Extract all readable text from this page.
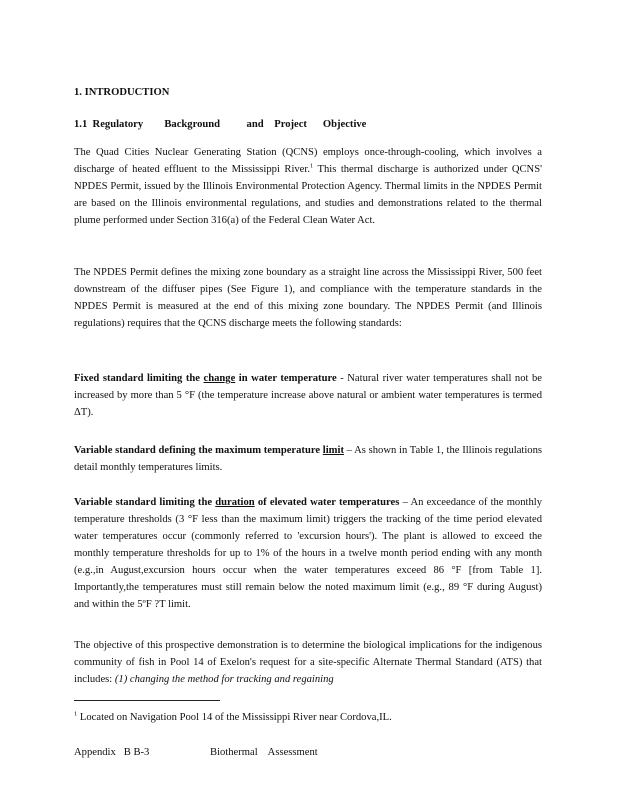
1. INTRODUCTION
1.1  Regulatory        Background          and    Project      Objective
The Quad Cities Nuclear Generating Station (QCNS) employs once-through-cooling, which involves a discharge of heated effluent to the Mississippi River.$^1$ This thermal discharge is authorized under QCNS' NPDES Permit, issued by the Illinois Environmental Protection Agency. Thermal limits in the NPDES Permit are based on the Illinois environmental regulations, and studies and demonstrations related to the thermal plume performed under Section 316(a) of the Federal Clean Water Act.
The NPDES Permit defines the mixing zone boundary as a straight line across the Mississippi River, 500 feet downstream of the diffuser pipes (See Figure 1), and compliance with the temperature standards in the NPDES Permit is measured at the end of this mixing zone boundary. The NPDES Permit (and Illinois regulations) requires that the QCNS discharge meets the following standards:
Fixed standard limiting the change in water temperature - Natural river water temperatures shall not be increased by more than 5 °F (the temperature increase above natural or ambient water temperatures is termed ΔT).
Variable standard defining the maximum temperature limit – As shown in Table 1, the Illinois regulations detail monthly temperatures limits.
Variable standard limiting the duration of elevated water temperatures – An exceedance of the monthly temperature thresholds (3 °F less than the maximum limit) triggers the tracking of the time period elevated water temperatures occur (commonly referred to 'excursion hours'). The plant is allowed to exceed the monthly temperature thresholds for up to 1% of the hours in a twelve month period ending with any month (e.g.,in August,excursion hours occur when the water temperatures exceed 86 °F [from Table 1]. Importantly,the temperatures must still remain below the noted maximum limit (e.g., 89 °F during August) and within the 5ºF ?T limit.
The objective of this prospective demonstration is to determine the biological implications for the indigenous community of fish in Pool 14 of Exelon's request for a site-specific Alternate Thermal Standard (ATS) that includes: (1) changing the method for tracking and regaining
$^1$ Located on Navigation Pool 14 of the Mississippi River near Cordova,IL.
Appendix   B B-3	Biothermal    Assessment
